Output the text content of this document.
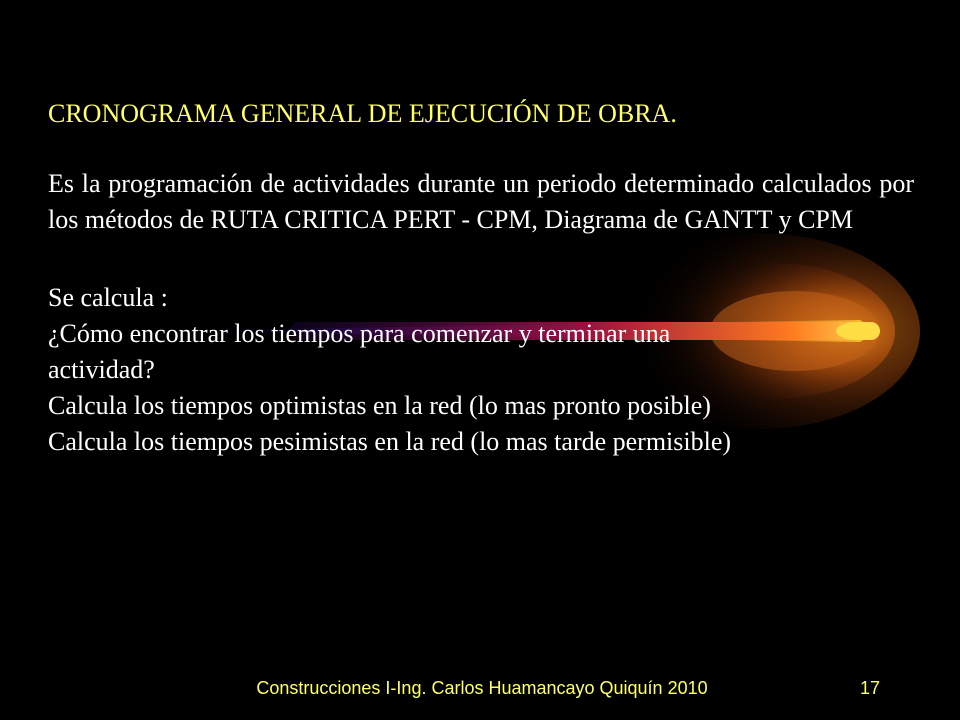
CRONOGRAMA GENERAL DE EJECUCIÓN DE OBRA.
Es la programación de actividades durante un periodo determinado calculados por los métodos de RUTA CRITICA PERT - CPM, Diagrama de GANTT y CPM
Se calcula :
¿Cómo encontrar los tiempos para comenzar y terminar una
actividad?
Calcula los tiempos optimistas en la red (lo mas pronto posible)
Calcula los tiempos pesimistas en la red (lo mas tarde permisible)
Construcciones I-Ing. Carlos Huamancayo Quiquín 2010	17
